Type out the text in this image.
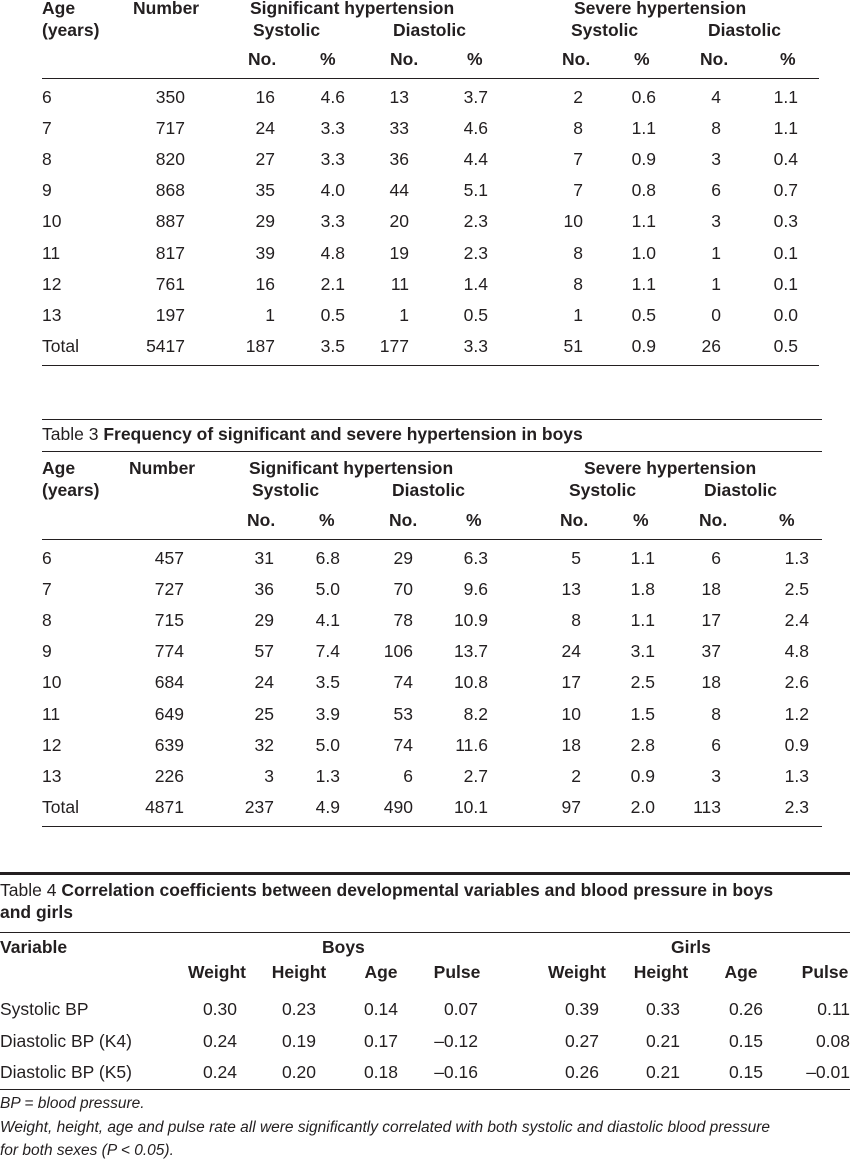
Age
(years)
Number	Significant hypertension	Severe hypertension
Systolic	Diastolic	Systolic	Diastolic
No.	%	No.	%	No.	%	No.	%
6	350	16	4.6	13	3.7	2	0.6	4	1.1
7	717	24	3.3	33	4.6	8	1.1	8	1.1
8	820	27	3.3	36	4.4	7	0.9	3	0.4
9	868	35	4.0	44	5.1	7	0.8	6	0.7
10	887	29	3.3	20	2.3	10	1.1	3	0.3
11	817	39	4.8	19	2.3	8	1.0	1	0.1
12	761	16	2.1	11	1.4	8	1.1	1	0.1
13	197	1	0.5	1	0.5	1	0.5	0	0.0
Total	5417	187	3.5 177	3.3	51	0.9	26	0.5
Table 3 Frequency of significant and severe hypertension in boys
Age
(years)
Number	Significant hypertension	Severe hypertension
Systolic	Diastolic	Systolic	Diastolic
No.	%	No.	%	No.	%	No.	%
6	457	31 6.8	29	6.3	5	1.1	6	1.3
7	727	36 5.0	70	9.6	13	1.8	18	2.5
8	715	29 4.1	78 10.9	8	1.1	17	2.4
9	774	57 7.4	106 13.7	24	3.1	37	4.8
10	684	24 3.5	74 10.8	17	2.5	18	2.6
11	649	25 3.9	53	8.2	10	1.5	8	1.2
12	639	32 5.0	74 11.6	18	2.8	6	0.9
13	226	3 1.3	6	2.7	2	0.9	3	1.3
Total	4871	237 4.9	490 10.1	97	2.0 113	2.3
Table 4 Correlation coefficients between developmental variables and blood pressure in boys
and girls
Variable	Boys	Girls
Weight	Height	Age	Pulse	Weight	Height	Age	Pulse
Systolic BP	0.30	0.23	0.14	0.07	0.39	0.33	0.26	0.11
Diastolic BP (K4)	0.24	0.19	0.17 –0.12	0.27	0.21	0.15	0.08
Diastolic BP (K5)	0.24	0.20	0.18 –0.16	0.26	0.21	0.15 –0.01
BP = blood pressure.
Weight, height, age and pulse rate all were significantly correlated with both systolic and diastolic blood pressure
for both sexes (P < 0.05).
